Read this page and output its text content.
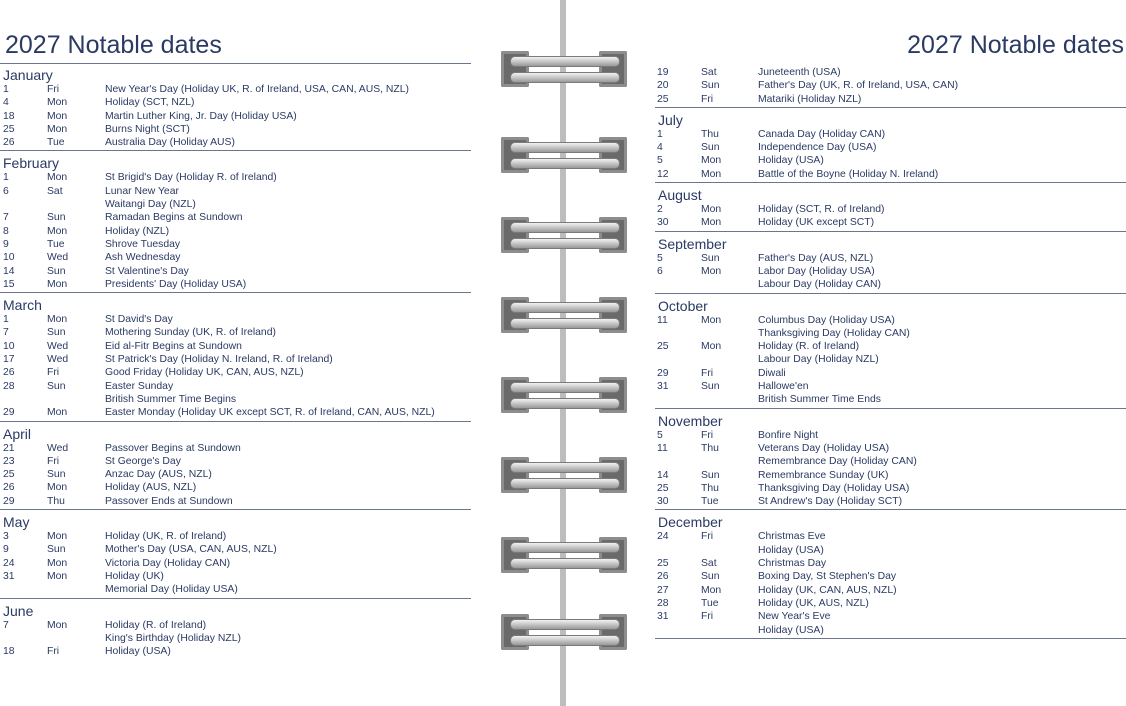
2027 Notable dates
January
1	Fri	New Year's Day (Holiday UK, R. of Ireland, USA, CAN, AUS, NZL)
4	Mon	Holiday (SCT, NZL)
18	Mon	Martin Luther King, Jr. Day (Holiday USA)
25	Mon	Burns Night (SCT)
26	Tue	Australia Day (Holiday AUS)
February
1	Mon	St Brigid's Day (Holiday R. of Ireland)
6	Sat	Lunar New Year
Waitangi Day (NZL)
7	Sun	Ramadan Begins at Sundown
8	Mon	Holiday (NZL)
9	Tue	Shrove Tuesday
10	Wed	Ash Wednesday
14	Sun	St Valentine's Day
15	Mon	Presidents' Day (Holiday USA)
March
1	Mon	St David's Day
7	Sun	Mothering Sunday (UK, R. of Ireland)
10	Wed	Eid al-Fitr Begins at Sundown
17	Wed	St Patrick's Day (Holiday N. Ireland, R. of Ireland)
26	Fri	Good Friday (Holiday UK, CAN, AUS, NZL)
28	Sun	Easter Sunday
British Summer Time Begins
29	Mon	Easter Monday (Holiday UK except SCT, R. of Ireland, CAN, AUS, NZL)
April
21	Wed	Passover Begins at Sundown
23	Fri	St George's Day
25	Sun	Anzac Day (AUS, NZL)
26	Mon	Holiday (AUS, NZL)
29	Thu	Passover Ends at Sundown
May
3	Mon	Holiday (UK, R. of Ireland)
9	Sun	Mother's Day (USA, CAN, AUS, NZL)
24	Mon	Victoria Day (Holiday CAN)
31	Mon	Holiday (UK)
Memorial Day (Holiday USA)
June
7	Mon	Holiday (R. of Ireland)
King's Birthday (Holiday NZL)
18	Fri	Holiday (USA)
2027 Notable dates
19	Sat	Juneteenth (USA)
20	Sun	Father's Day (UK, R. of Ireland, USA, CAN)
25	Fri	Matariki (Holiday NZL)
July
1	Thu	Canada Day (Holiday CAN)
4	Sun	Independence Day (USA)
5	Mon	Holiday (USA)
12	Mon	Battle of the Boyne (Holiday N. Ireland)
August
2	Mon	Holiday (SCT, R. of Ireland)
30	Mon	Holiday (UK except SCT)
September
5	Sun	Father's Day (AUS, NZL)
6	Mon	Labor Day (Holiday USA)
Labour Day (Holiday CAN)
October
11	Mon	Columbus Day (Holiday USA)
Thanksgiving Day (Holiday CAN)
25	Mon	Holiday (R. of Ireland)
Labour Day (Holiday NZL)
29	Fri	Diwali
31	Sun	Hallowe'en
British Summer Time Ends
November
5	Fri	Bonfire Night
11	Thu	Veterans Day (Holiday USA)
Remembrance Day (Holiday CAN)
14	Sun	Remembrance Sunday (UK)
25	Thu	Thanksgiving Day (Holiday USA)
30	Tue	St Andrew's Day (Holiday SCT)
December
24	Fri	Christmas Eve
Holiday (USA)
25	Sat	Christmas Day
26	Sun	Boxing Day, St Stephen's Day
27	Mon	Holiday (UK, CAN, AUS, NZL)
28	Tue	Holiday (UK, AUS, NZL)
31	Fri	New Year's Eve
Holiday (USA)
